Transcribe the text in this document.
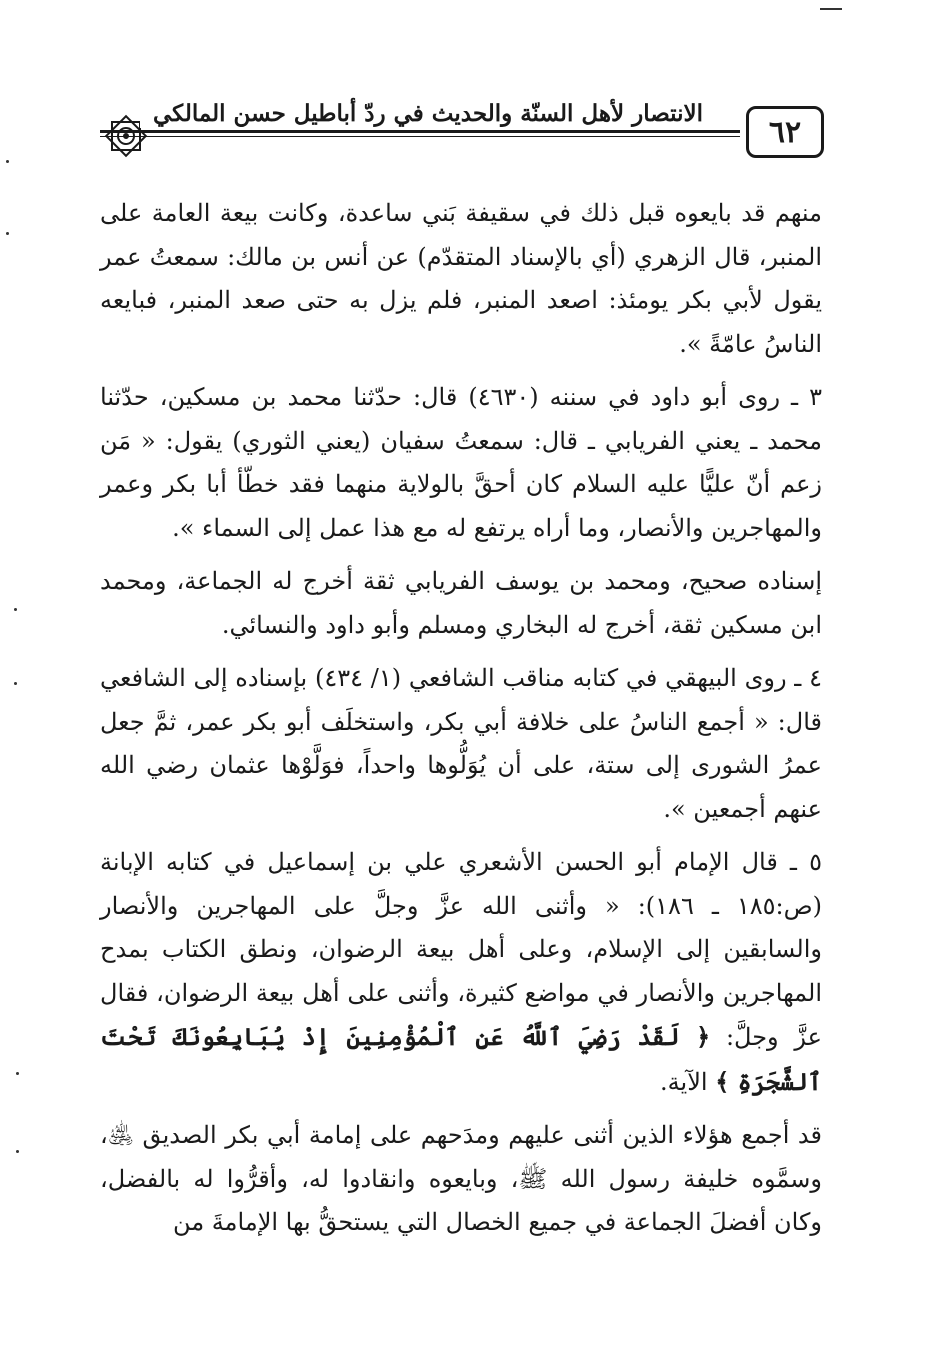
الانتصار لأهل السنّة والحديث في ردّ أباطيل حسن المالكي
٦٢

منهم قد بايعوه قبل ذلك في سقيفة بَني ساعدة، وكانت بيعة العامة على المنبر، قال الزهري (أي بالإسناد المتقدّم) عن أنس بن مالك: سمعتُ عمر يقول لأبي بكر يومئذ: اصعد المنبر، فلم يزل به حتى صعد المنبر، فبايعه الناسُ عامّةً ».

٣ ـ روى أبو داود في سننه (٤٦٣٠) قال: حدّثنا محمد بن مسكين، حدّثنا محمد ـ يعني الفريابي ـ قال: سمعتُ سفيان (يعني الثوري) يقول: « مَن زعم أنّ عليًّا عليه السلام كان أحقَّ بالولاية منهما فقد خطّأ أبا بكر وعمر والمهاجرين والأنصار، وما أراه يرتفع له مع هذا عمل إلى السماء ».

إسناده صحيح، ومحمد بن يوسف الفريابي ثقة أخرج له الجماعة، ومحمد ابن مسكين ثقة، أخرج له البخاري ومسلم وأبو داود والنسائي.

٤ ـ روى البيهقي في كتابه مناقب الشافعي (١/ ٤٣٤) بإسناده إلى الشافعي قال: « أجمع الناسُ على خلافة أبي بكر، واستخلَف أبو بكر عمر، ثمَّ جعل عمرُ الشورى إلى ستة، على أن يُوَلُّوها واحداً، فوَلَّوْها عثمان رضي الله عنهم أجمعين ».

٥ ـ قال الإمام أبو الحسن الأشعري علي بن إسماعيل في كتابه الإبانة (ص:١٨٥ ـ ١٨٦): « وأثنى الله عزَّ وجلَّ على المهاجرين والأنصار والسابقين إلى الإسلام، وعلى أهل بيعة الرضوان، ونطق الكتاب بمدح المهاجرين والأنصار في مواضع كثيرة، وأثنى على أهل بيعة الرضوان، فقال عزَّ وجلَّ: ﴿ لَقَدْ رَضِيَ ٱللَّهُ عَنِ ٱلْمُؤْمِنِينَ إِذْ يُبَايِعُونَكَ تَحْتَ ٱلشَّجَرَةِ ﴾ الآية.

قد أجمع هؤلاء الذين أثنى عليهم ومدَحهم على إمامة أبي بكر الصديق ﵁، وسمَّوه خليفة رسول الله ﷺ، وبايعوه وانقادوا له، وأقرُّوا له بالفضل، وكان أفضلَ الجماعة في جميع الخصال التي يستحقُّ بها الإمامةَ من
